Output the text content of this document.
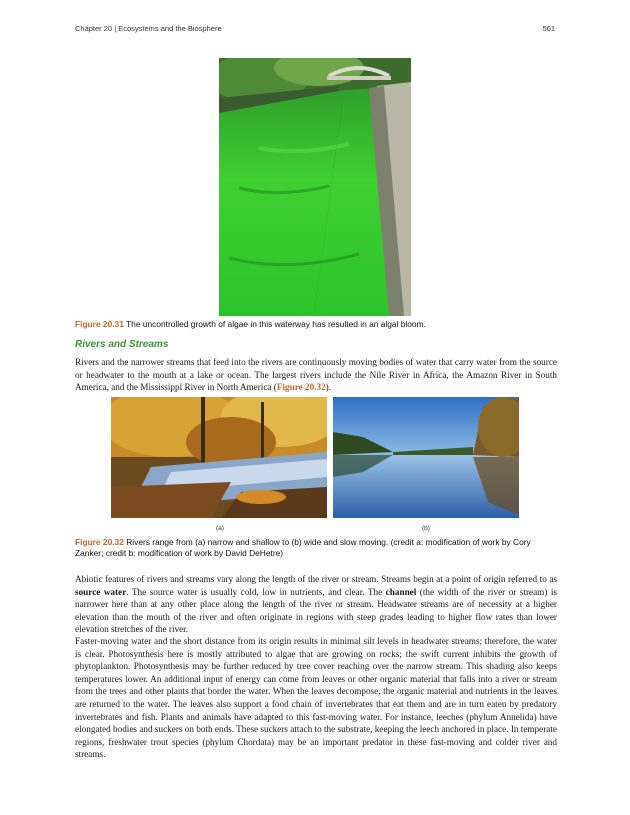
Chapter 20 | Ecosystems and the Biosphere	561
Figure 20.31 The uncontrolled growth of algae in this waterway has resulted in an algal bloom.
Rivers and Streams
Rivers and the narrower streams that feed into the rivers are continuously moving bodies of water that carry water from the source or headwater to the mouth at a lake or ocean. The largest rivers include the Nile River in Africa, the Amazon River in South America, and the Mississippi River in North America (Figure 20.32).
(a)	(b)
Figure 20.32 Rivers range from (a) narrow and shallow to (b) wide and slow moving. (credit a: modification of work by Cory Zanker; credit b: modification of work by David DeHetre)
Abiotic features of rivers and streams vary along the length of the river or stream. Streams begin at a point of origin referred to as source water. The source water is usually cold, low in nutrients, and clear. The channel (the width of the river or stream) is narrower here than at any other place along the length of the river or stream. Headwater streams are of necessity at a higher elevation than the mouth of the river and often originate in regions with steep grades leading to higher flow rates than lower elevation stretches of the river.
Faster-moving water and the short distance from its origin results in minimal silt levels in headwater streams; therefore, the water is clear. Photosynthesis here is mostly attributed to algae that are growing on rocks; the swift current inhibits the growth of phytoplankton. Photosynthesis may be further reduced by tree cover reaching over the narrow stream. This shading also keeps temperatures lower. An additional input of energy can come from leaves or other organic material that falls into a river or stream from the trees and other plants that border the water. When the leaves decompose, the organic material and nutrients in the leaves are returned to the water. The leaves also support a food chain of invertebrates that eat them and are in turn eaten by predatory invertebrates and fish. Plants and animals have adapted to this fast-moving water. For instance, leeches (phylum Annelida) have elongated bodies and suckers on both ends. These suckers attach to the substrate, keeping the leech anchored in place. In temperate regions, freshwater trout species (phylum Chordata) may be an important predator in these fast-moving and colder river and streams.
